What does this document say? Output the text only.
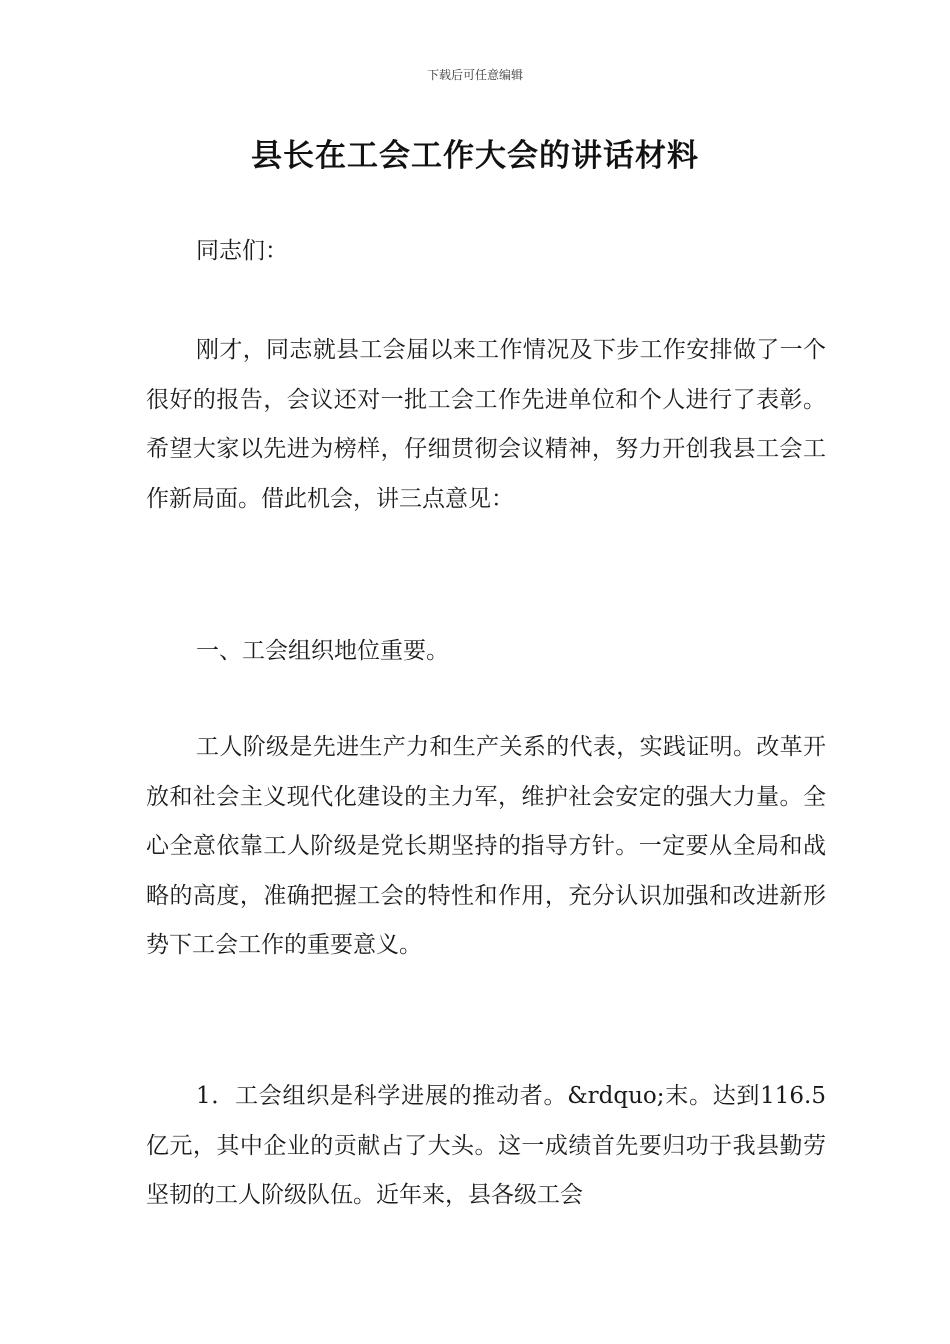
下载后可任意编辑
县长在工会工作大会的讲话材料
同志们：

刚才，同志就县工会届以来工作情况及下步工作安排做了一个很好的报告，会议还对一批工会工作先进单位和个人进行了表彰。希望大家以先进为榜样，仔细贯彻会议精神，努力开创我县工会工作新局面。借此机会，讲三点意见：

一、工会组织地位重要。

工人阶级是先进生产力和生产关系的代表，实践证明。改革开放和社会主义现代化建设的主力军，维护社会安定的强大力量。全心全意依靠工人阶级是党长期坚持的指导方针。一定要从全局和战略的高度，准确把握工会的特性和作用，充分认识加强和改进新形势下工会工作的重要意义。

1．工会组织是科学进展的推动者。&rdquo;末。达到116.5亿元，其中企业的贡献占了大头。这一成绩首先要归功于我县勤劳坚韧的工人阶级队伍。近年来，县各级工会
